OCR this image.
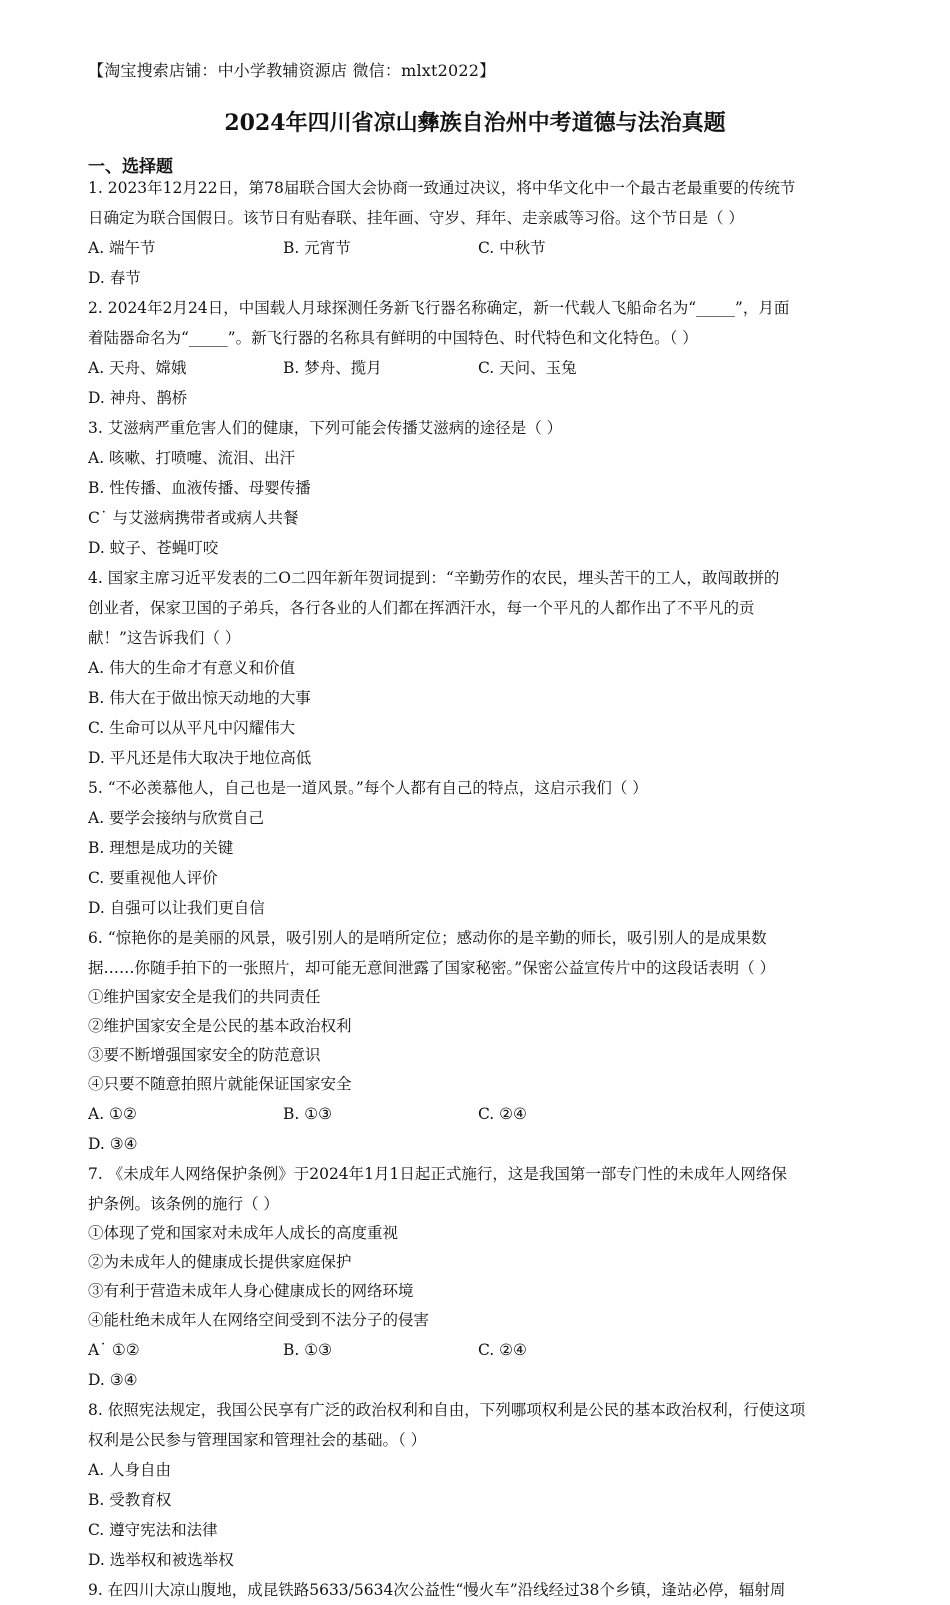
【淘宝搜索店铺：中小学教辅资源店 微信：mlxt2022】
2024年四川省凉山彝族自治州中考道德与法治真题
一、选择题

1. 2023年12月22日，第78届联合国大会协商一致通过决议，将中华文化中一个最古老最重要的传统节
日确定为联合国假日。该节日有贴春联、挂年画、守岁、拜年、走亲戚等习俗。这个节日是（ ）

A. 端午节	B. 元宵节	C. 中秋节
D. 春节

2. 2024年2月24日，中国载人月球探测任务新飞行器名称确定，新一代载人飞船命名为“_____”，月面
着陆器命名为“_____”。新飞行器的名称具有鲜明的中国特色、时代特色和文化特色。（ ）

A. 天舟、嫦娥	B. 梦舟、揽月	C. 天问、玉兔
D. 神舟、鹊桥

3. 艾滋病严重危害人们的健康，下列可能会传播艾滋病的途径是（ ）

A. 咳嗽、打喷嚏、流泪、出汗
B. 性传播、血液传播、母婴传播
C˙ 与艾滋病携带者或病人共餐
D. 蚊子、苍蝇叮咬

4. 国家主席习近平发表的二O二四年新年贺词提到：“辛勤劳作的农民，埋头苦干的工人，敢闯敢拼的
创业者，保家卫国的子弟兵，各行各业的人们都在挥洒汗水，每一个平凡的人都作出了不平凡的贡
献！”这告诉我们（ ）

A. 伟大的生命才有意义和价值
B. 伟大在于做出惊天动地的大事
C. 生命可以从平凡中闪耀伟大
D. 平凡还是伟大取决于地位高低

5. “不必羡慕他人，自己也是一道风景。”每个人都有自己的特点，这启示我们（ ）

A. 要学会接纳与欣赏自己
B. 理想是成功的关键
C. 要重视他人评价
D. 自强可以让我们更自信

6. “惊艳你的是美丽的风景，吸引别人的是哨所定位；感动你的是辛勤的师长，吸引别人的是成果数
据……你随手拍下的一张照片，却可能无意间泄露了国家秘密。”保密公益宣传片中的这段话表明（ ）

①维护国家安全是我们的共同责任
②维护国家安全是公民的基本政治权利
③要不断增强国家安全的防范意识
④只要不随意拍照片就能保证国家安全
A. ①②	B. ①③	C. ②④
D. ③④

7. 《未成年人网络保护条例》于2024年1月1日起正式施行，这是我国第一部专门性的未成年人网络保
护条例。该条例的施行（ ）

①体现了党和国家对未成年人成长的高度重视
②为未成年人的健康成长提供家庭保护
③有利于营造未成年人身心健康成长的网络环境
④能杜绝未成年人在网络空间受到不法分子的侵害
A˙ ①②	B. ①③	C. ②④
D. ③④

8. 依照宪法规定，我国公民享有广泛的政治权利和自由，下列哪项权利是公民的基本政治权利，行使这项
权利是公民参与管理国家和管理社会的基础。（ ）

A. 人身自由
B. 受教育权
C. 遵守宪法和法律
D. 选举权和被选举权

9. 在四川大凉山腹地，成昆铁路5633/5634次公益性“慢火车”沿线经过38个乡镇，逢站必停，辐射周
